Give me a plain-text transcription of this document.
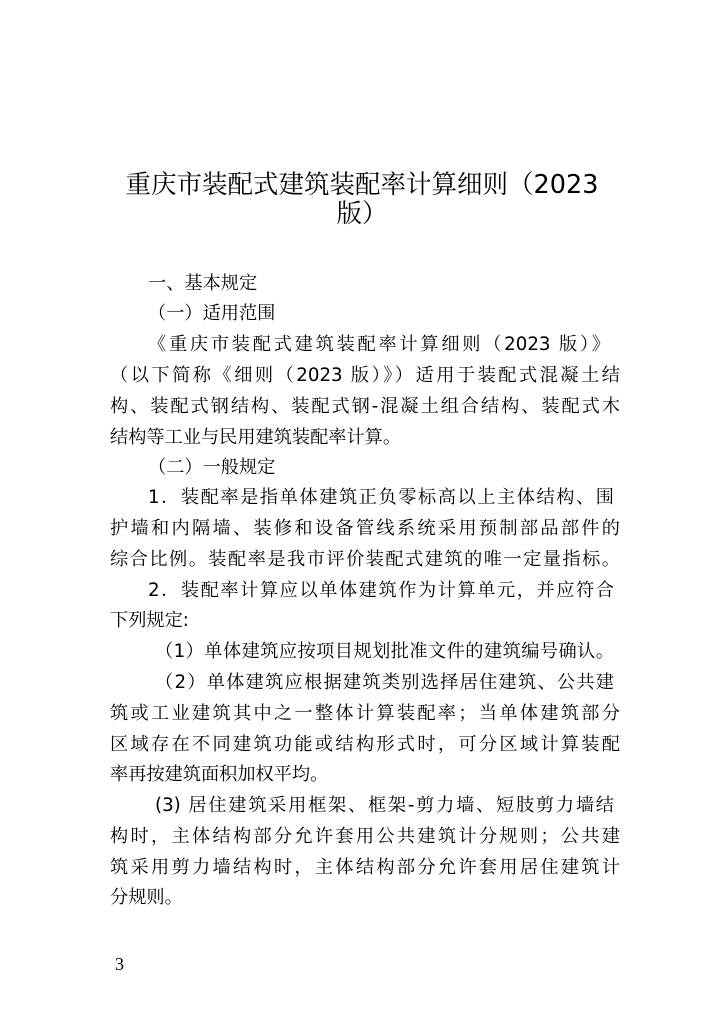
重庆市装配式建筑装配率计算细则（2023
版）
一、基本规定
（一）适用范围
《重庆市装配式建筑装配率计算细则（2023 版）》
（以下简称《细则（2023 版）》）适用于装配式混凝土结
构、装配式钢结构、装配式钢-混凝土组合结构、装配式木
结构等工业与民用建筑装配率计算。
（二）一般规定
1．装配率是指单体建筑正负零标高以上主体结构、围
护墙和内隔墙、装修和设备管线系统采用预制部品部件的
综合比例。装配率是我市评价装配式建筑的唯一定量指标。
2．装配率计算应以单体建筑作为计算单元，并应符合
下列规定:
（1）单体建筑应按项目规划批准文件的建筑编号确认。
（2）单体建筑应根据建筑类别选择居住建筑、公共建
筑或工业建筑其中之一整体计算装配率；当单体建筑部分
区域存在不同建筑功能或结构形式时，可分区域计算装配
率再按建筑面积加权平均。
(3) 居住建筑采用框架、框架-剪力墙、短肢剪力墙结
构时，主体结构部分允许套用公共建筑计分规则；公共建
筑采用剪力墙结构时，主体结构部分允许套用居住建筑计
分规则。
3
